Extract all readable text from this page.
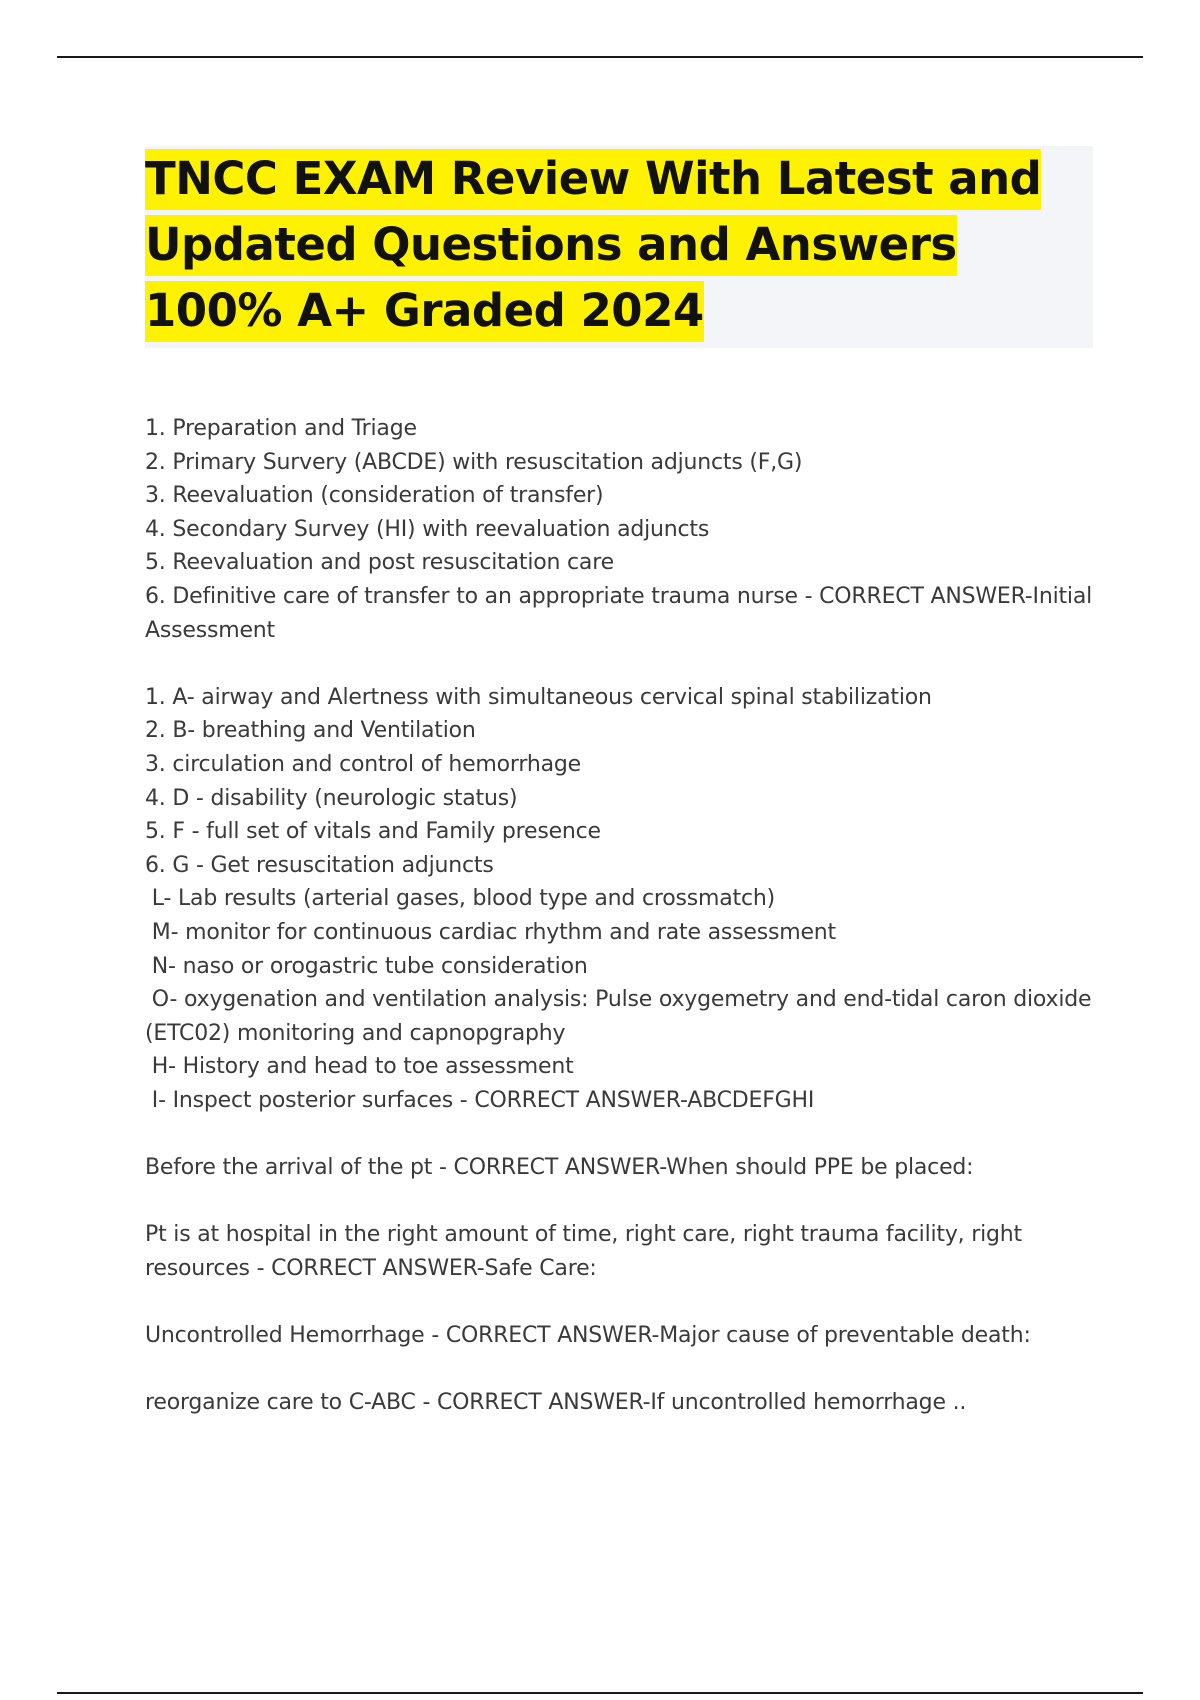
TNCC EXAM Review With Latest and
Updated Questions and Answers
100% A+ Graded 2024

1. Preparation and Triage

2. Primary Survery (ABCDE) with resuscitation adjuncts (F,G)

3. Reevaluation (consideration of transfer)

4. Secondary Survey (HI) with reevaluation adjuncts

5. Reevaluation and post resuscitation care

6. Definitive care of transfer to an appropriate trauma nurse - CORRECT ANSWER-Initial

Assessment

1. A- airway and Alertness with simultaneous cervical spinal stabilization

2. B- breathing and Ventilation

3. circulation and control of hemorrhage

4. D - disability (neurologic status)

5. F - full set of vitals and Family presence

6. G - Get resuscitation adjuncts

L- Lab results (arterial gases, blood type and crossmatch)

M- monitor for continuous cardiac rhythm and rate assessment

N- naso or orogastric tube consideration

O- oxygenation and ventilation analysis: Pulse oxygemetry and end-tidal caron dioxide

(ETC02) monitoring and capnopgraphy

H- History and head to toe assessment

I- Inspect posterior surfaces - CORRECT ANSWER-ABCDEFGHI

Before the arrival of the pt - CORRECT ANSWER-When should PPE be placed:

Pt is at hospital in the right amount of time, right care, right trauma facility, right

resources - CORRECT ANSWER-Safe Care:

Uncontrolled Hemorrhage - CORRECT ANSWER-Major cause of preventable death:

reorganize care to C-ABC - CORRECT ANSWER-If uncontrolled hemorrhage ..
